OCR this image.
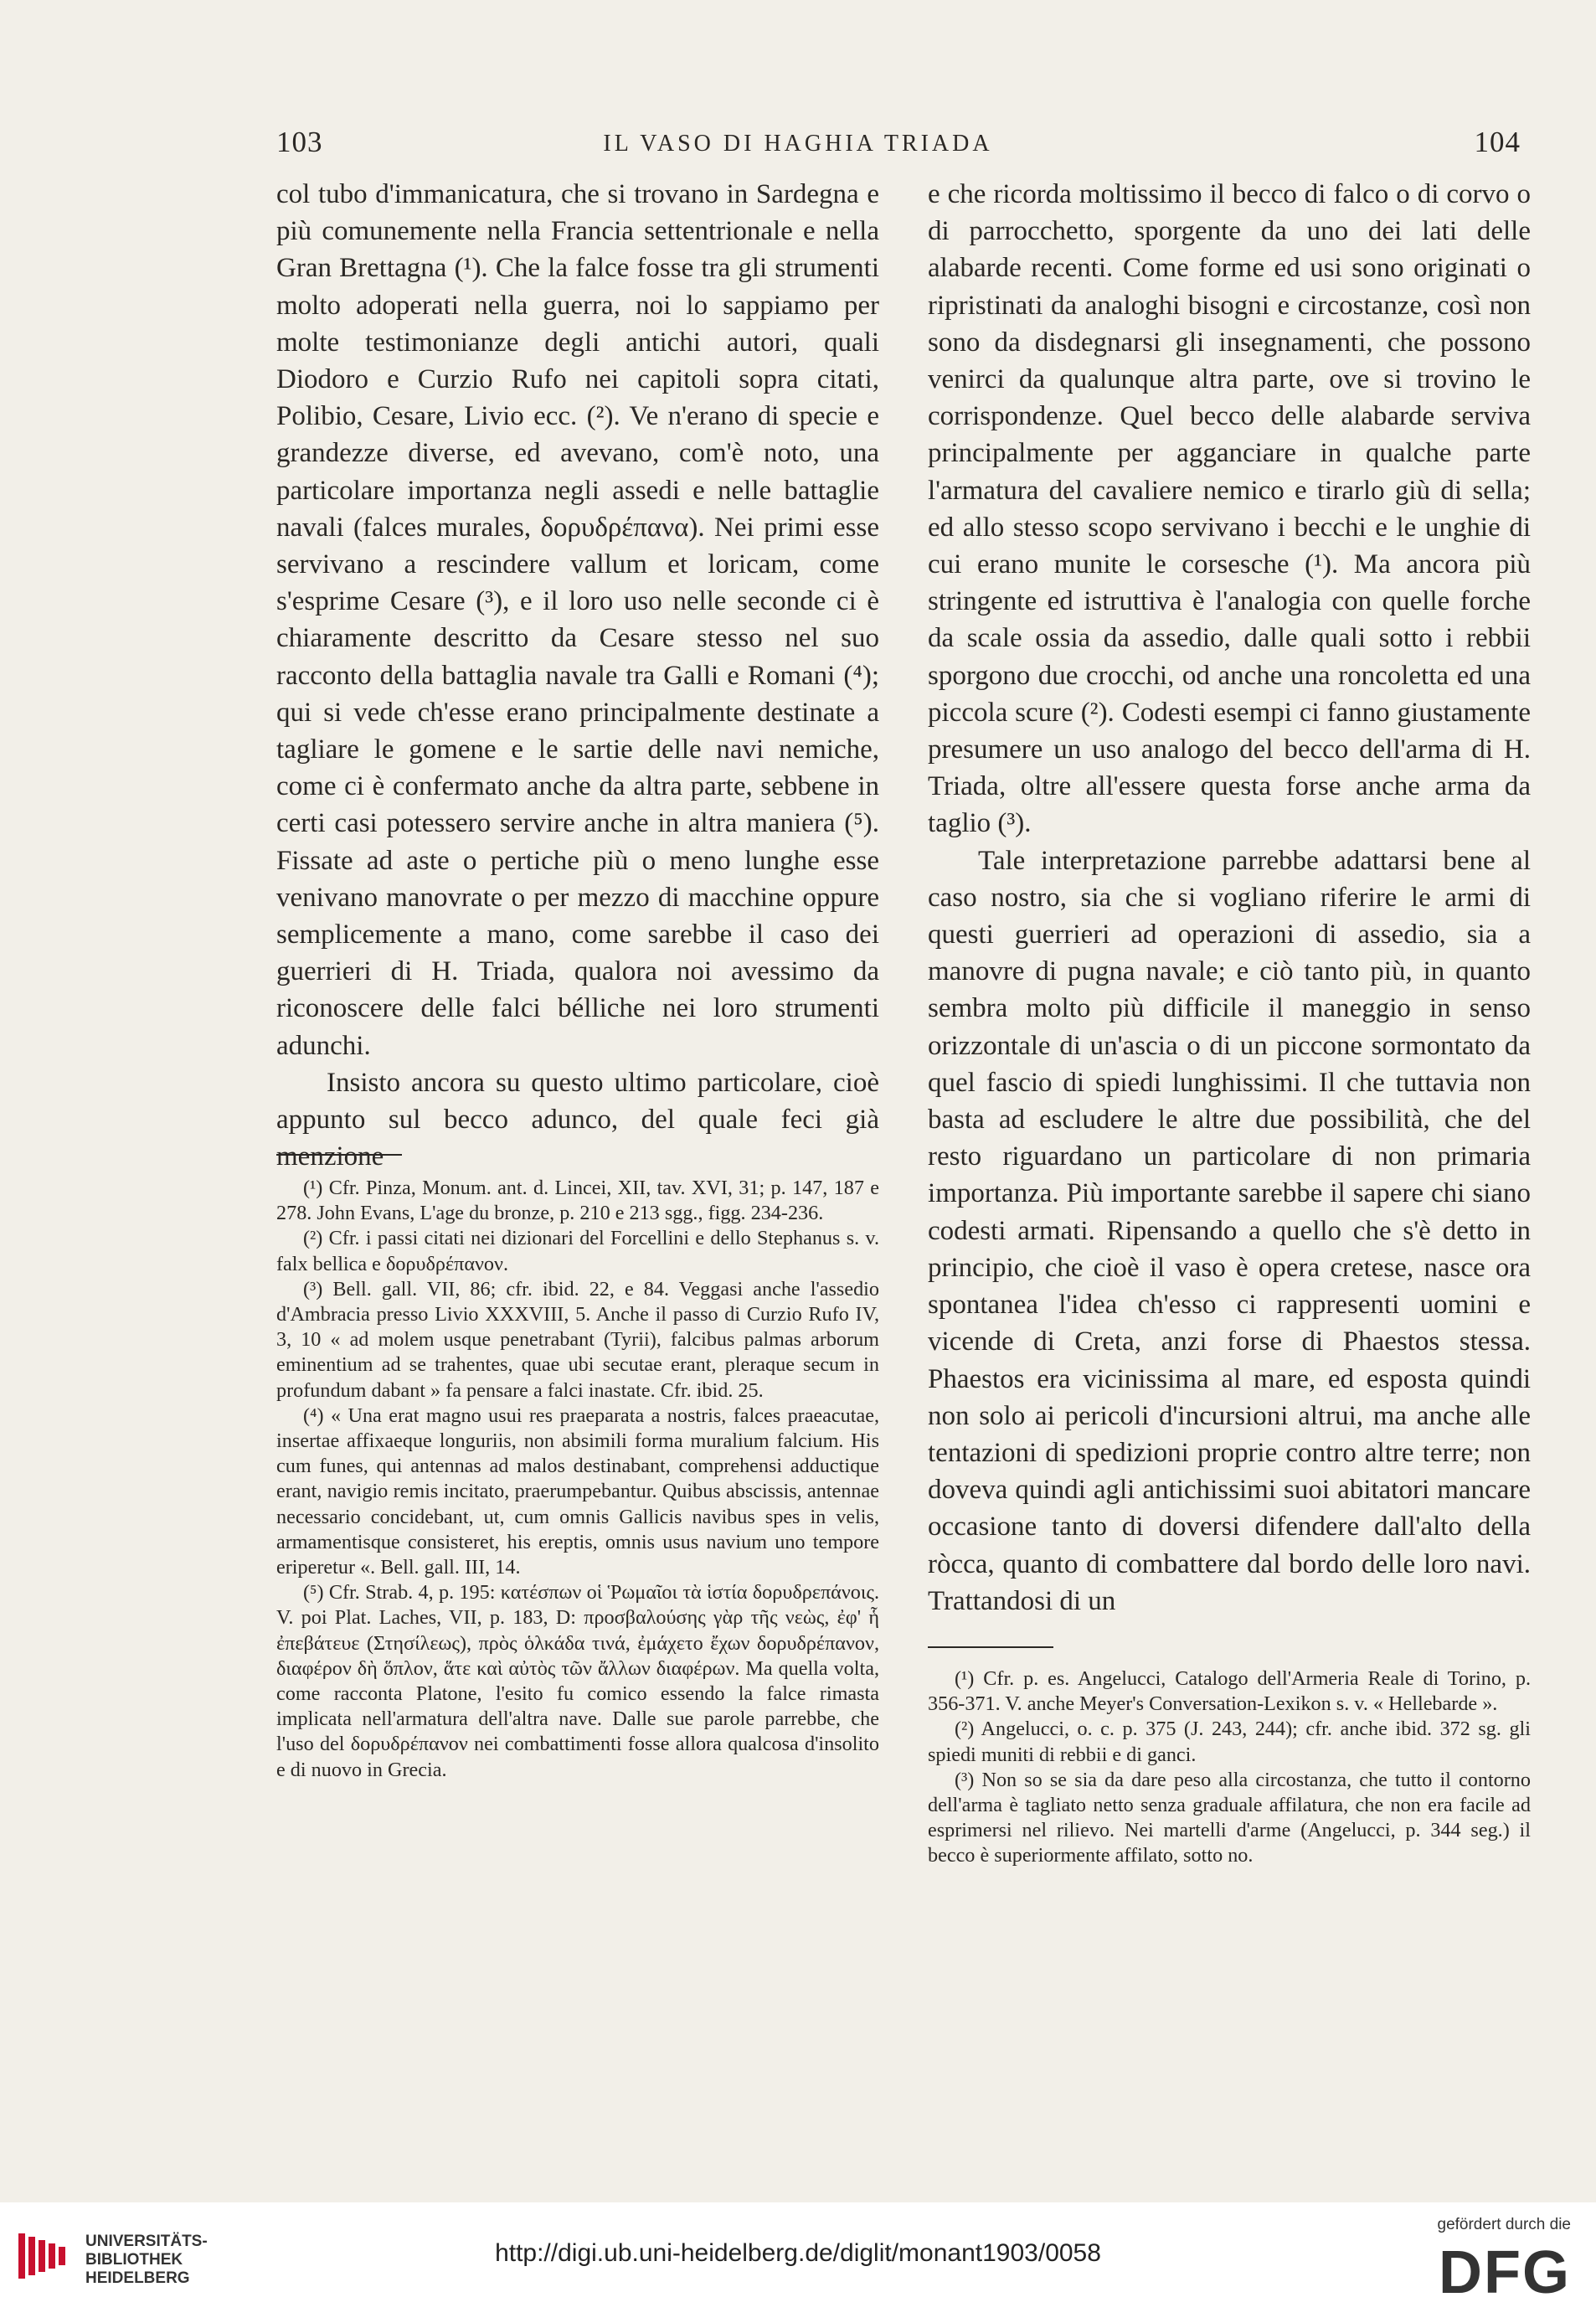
103	IL VASO DI HAGHIA TRIADA	104

col tubo d'immanicatura, che si trovano in Sardegna e più comunemente nella Francia settentrionale e nella Gran Brettagna (¹). Che la falce fosse tra gli strumenti molto adoperati nella guerra, noi lo sappiamo per molte testimonianze degli antichi autori, quali Diodoro e Curzio Rufo nei capitoli sopra citati, Polibio, Cesare, Livio ecc. (²). Ve n'erano di specie e grandezze diverse, ed avevano, com'è noto, una particolare importanza negli assedi e nelle battaglie navali (falces murales, δορυδρέπανα). Nei primi esse servivano a rescindere vallum et loricam, come s'esprime Cesare (³), e il loro uso nelle seconde ci è chiaramente descritto da Cesare stesso nel suo racconto della battaglia navale tra Galli e Romani (⁴); qui si vede ch'esse erano principalmente destinate a tagliare le gomene e le sartie delle navi nemiche, come ci è confermato anche da altra parte, sebbene in certi casi potessero servire anche in altra maniera (⁵). Fissate ad aste o pertiche più o meno lunghe esse venivano manovrate o per mezzo di macchine oppure semplicemente a mano, come sarebbe il caso dei guerrieri di H. Triada, qualora noi avessimo da riconoscere delle falci bélliche nei loro strumenti adunchi.

Insisto ancora su questo ultimo particolare, cioè appunto sul becco adunco, del quale feci già menzione

(¹) Cfr. Pinza, Monum. ant. d. Lincei, XII, tav. XVI, 31; p. 147, 187 e 278. John Evans, L'age du bronze, p. 210 e 213 sgg., figg. 234-236.

(²) Cfr. i passi citati nei dizionari del Forcellini e dello Stephanus s. v. falx bellica e δορυδρέπανον.

(³) Bell. gall. VII, 86; cfr. ibid. 22, e 84. Veggasi anche l'assedio d'Ambracia presso Livio XXXVIII, 5. Anche il passo di Curzio Rufo IV, 3, 10 « ad molem usque penetrabant (Tyrii), falcibus palmas arborum eminentium ad se trahentes, quae ubi secutae erant, pleraque secum in profundum dabant » fa pensare a falci inastate. Cfr. ibid. 25.

(⁴) « Una erat magno usui res praeparata a nostris, falces praeacutae, insertae affixaeque longuriis, non absimili forma muralium falcium. His cum funes, qui antennas ad malos destinabant, comprehensi adductique erant, navigio remis incitato, praerumpebantur. Quibus abscissis, antennae necessario concidebant, ut, cum omnis Gallicis navibus spes in velis, armamentisque consisteret, his ereptis, omnis usus navium uno tempore eriperetur «. Bell. gall. III, 14.

(⁵) Cfr. Strab. 4, p. 195: κατέσπων οἱ Ῥωμαῖοι τὰ ἱστία δορυδρεπάνοις. V. poi Plat. Laches, VII, p. 183, D: προσβαλούσης γὰρ τῆς νεὼς, ἐφ' ἧ ἐπεβάτευε (Στησίλεως), πρὸς ὁλκάδα τινά, ἐμάχετο ἔχων δορυδρέπανον, διαφέρον δὴ ὅπλον, ἅτε καὶ αὐτὸς τῶν ἄλλων διαφέρων. Ma quella volta, come racconta Platone, l'esito fu comico essendo la falce rimasta implicata nell'armatura dell'altra nave. Dalle sue parole parrebbe, che l'uso del δορυδρέπανον nei combattimenti fosse allora qualcosa d'insolito e di nuovo in Grecia.

e che ricorda moltissimo il becco di falco o di corvo o di parrocchetto, sporgente da uno dei lati delle alabarde recenti. Come forme ed usi sono originati o ripristinati da analoghi bisogni e circostanze, così non sono da disdegnarsi gli insegnamenti, che possono venirci da qualunque altra parte, ove si trovino le corrispondenze. Quel becco delle alabarde serviva principalmente per agganciare in qualche parte l'armatura del cavaliere nemico e tirarlo giù di sella; ed allo stesso scopo servivano i becchi e le unghie di cui erano munite le corsesche (¹). Ma ancora più stringente ed istruttiva è l'analogia con quelle forche da scale ossia da assedio, dalle quali sotto i rebbii sporgono due crocchi, od anche una roncoletta ed una piccola scure (²). Codesti esempi ci fanno giustamente presumere un uso analogo del becco dell'arma di H. Triada, oltre all'essere questa forse anche arma da taglio (³).

Tale interpretazione parrebbe adattarsi bene al caso nostro, sia che si vogliano riferire le armi di questi guerrieri ad operazioni di assedio, sia a manovre di pugna navale; e ciò tanto più, in quanto sembra molto più difficile il maneggio in senso orizzontale di un'ascia o di un piccone sormontato da quel fascio di spiedi lunghissimi. Il che tuttavia non basta ad escludere le altre due possibilità, che del resto riguardano un particolare di non primaria importanza. Più importante sarebbe il sapere chi siano codesti armati. Ripensando a quello che s'è detto in principio, che cioè il vaso è opera cretese, nasce ora spontanea l'idea ch'esso ci rappresenti uomini e vicende di Creta, anzi forse di Phaestos stessa. Phaestos era vicinissima al mare, ed esposta quindi non solo ai pericoli d'incursioni altrui, ma anche alle tentazioni di spedizioni proprie contro altre terre; non doveva quindi agli antichissimi suoi abitatori mancare occasione tanto di doversi difendere dall'alto della ròcca, quanto di combattere dal bordo delle loro navi. Trattandosi di un

(¹) Cfr. p. es. Angelucci, Catalogo dell'Armeria Reale di Torino, p. 356-371. V. anche Meyer's Conversation-Lexikon s. v. « Hellebarde ».

(²) Angelucci, o. c. p. 375 (J. 243, 244); cfr. anche ibid. 372 sg. gli spiedi muniti di rebbii e di ganci.

(³) Non so se sia da dare peso alla circostanza, che tutto il contorno dell'arma è tagliato netto senza graduale affilatura, che non era facile ad esprimersi nel rilievo. Nei martelli d'arme (Angelucci, p. 344 seg.) il becco è superiormente affilato, sotto no.

UNIVERSITÄTS-
BIBLIOTHEK
HEIDELBERG
http://digi.ub.uni-heidelberg.de/diglit/monant1903/0058
gefördert durch die
DFG
